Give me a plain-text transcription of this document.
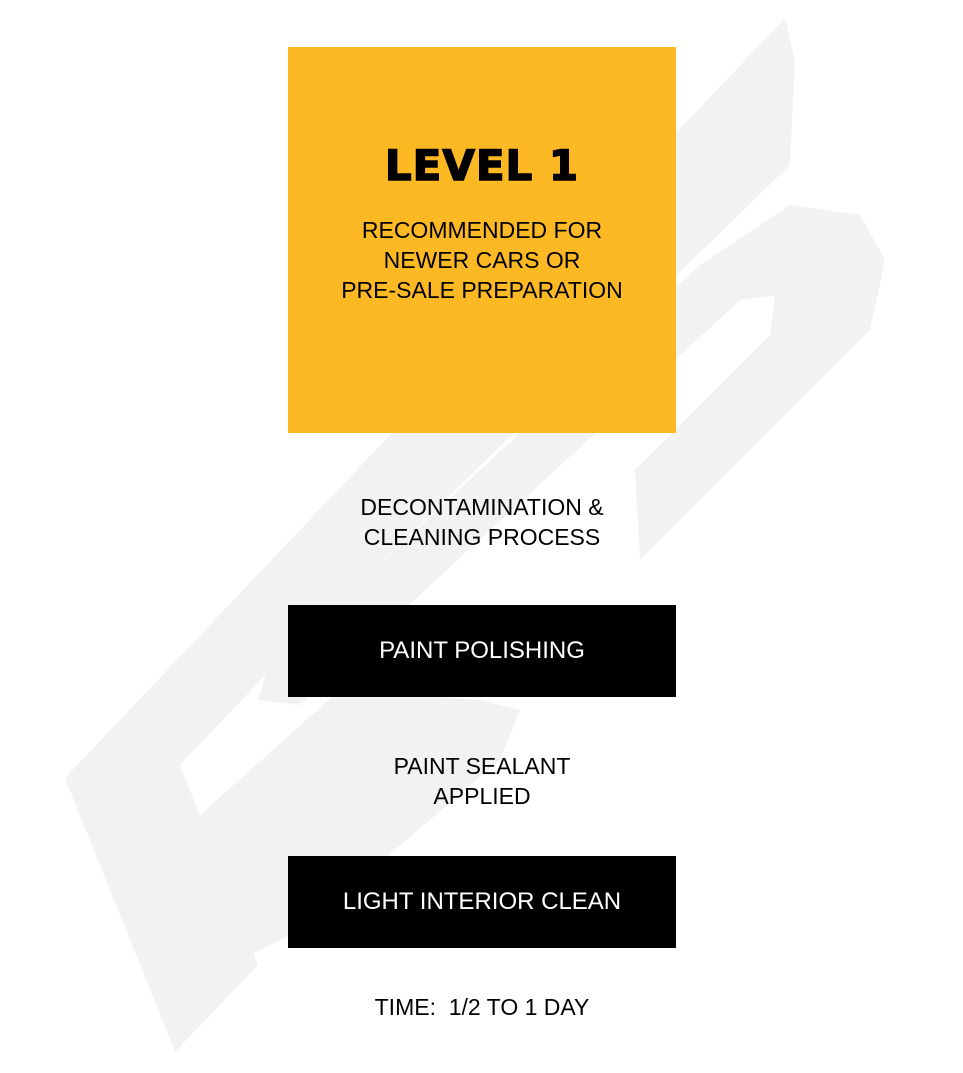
LEVEL 1
RECOMMENDED FOR
NEWER CARS OR
PRE-SALE PREPARATION
DECONTAMINATION &
CLEANING PROCESS
PAINT POLISHING
PAINT SEALANT
APPLIED
LIGHT INTERIOR CLEAN
TIME:  1/2 TO 1 DAY
